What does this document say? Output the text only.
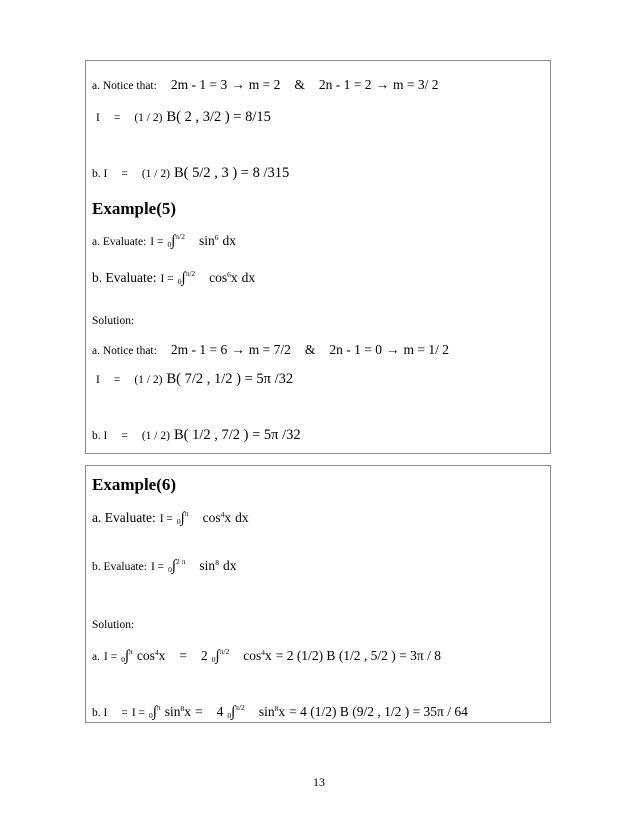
a. Notice that: 2m - 1 = 3 → m = 2 & 2n - 1 = 2 → m = 3/ 2
I = (1 / 2) B( 2 , 3/2 ) = 8/15
b. I = (1 / 2) B( 5/2 , 3 ) = 8 /315
Example(5)
a. Evaluate: I = $_0$∫$^{\pi/2}$ $\sin^6$ dx
b. Evaluate: I = $_0$∫$^{\pi/2}$ $\cos^6x$ dx
Solution:
a. Notice that: 2m - 1 = 6 → m = 7/2 & 2n - 1 = 0 → m = 1/ 2
I = (1 / 2) B( 7/2 , 1/2 ) = 5π /32
b. I = (1 / 2) B( 1/2 , 7/2 ) = 5π /32
Example(6)
a. Evaluate: I = $_0$∫$^\pi$ $\cos^4x$ dx
b. Evaluate: I = $_0$∫$^{2 \pi}$ $\sin^8$ dx
Solution:
a. I = $_0$∫$^\pi$ $\cos^4x = 2$ $_0$∫$^{\pi/2}$ $\cos^4x = 2$ (1/2) B (1/2 , 5/2 ) = 3π / 8
b. I = I = $_0$∫$^\pi$ $\sin^8x = 4$ $_0$∫$^{\pi/2}$ $\sin^8x = 4$ (1/2) B (9/2 , 1/2 ) = 35π / 64
13
